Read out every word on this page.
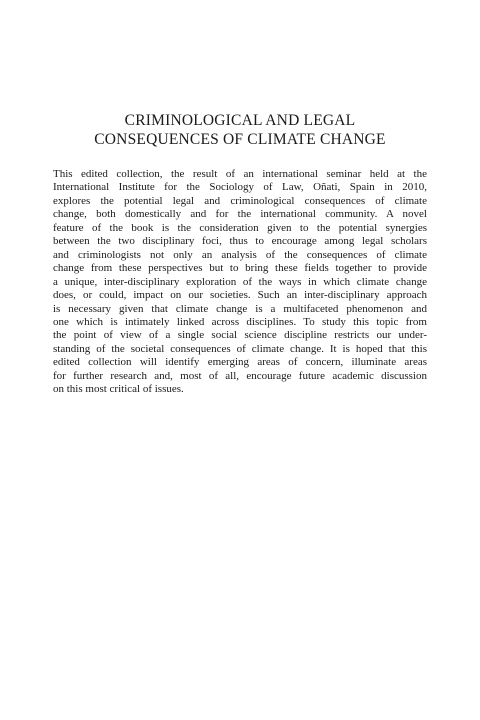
CRIMINOLOGICAL AND LEGAL
CONSEQUENCES OF CLIMATE CHANGE
This edited collection, the result of an international seminar held at the
International Institute for the Sociology of Law, Oñati, Spain in 2010,
explores the potential legal and criminological consequences of climate
change, both domestically and for the international community. A novel
feature of the book is the consideration given to the potential synergies
between the two disciplinary foci, thus to encourage among legal scholars
and criminologists not only an analysis of the consequences of climate
change from these perspectives but to bring these fields together to provide
a unique, inter-disciplinary exploration of the ways in which climate change
does, or could, impact on our societies. Such an inter-disciplinary approach
is necessary given that climate change is a multifaceted phenomenon and
one which is intimately linked across disciplines. To study this topic from
the point of view of a single social science discipline restricts our under-
standing of the societal consequences of climate change. It is hoped that this
edited collection will identify emerging areas of concern, illuminate areas
for further research and, most of all, encourage future academic discussion
on this most critical of issues.
